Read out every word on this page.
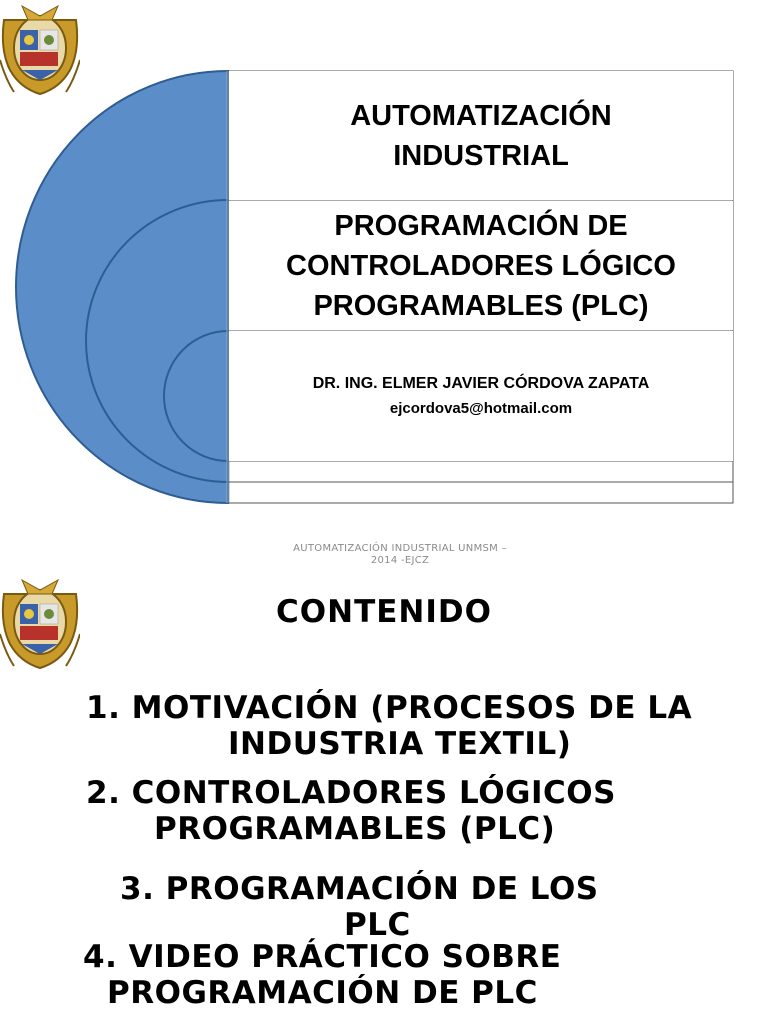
AUTOMATIZACIÓN
INDUSTRIAL
PROGRAMACIÓN DE
CONTROLADORES LÓGICO
PROGRAMABLES (PLC)
DR. ING. ELMER JAVIER CÓRDOVA ZAPATA
ejcordova5@hotmail.com
AUTOMATIZACIÓN INDUSTRIAL UNMSM –
2014 -EJCZ
CONTENIDO
1. MOTIVACIÓN (PROCESOS DE LA
INDUSTRIA TEXTIL)
2. CONTROLADORES LÓGICOS
PROGRAMABLES (PLC)
3. PROGRAMACIÓN DE LOS
PLC
4. VIDEO PRÁCTICO SOBRE
PROGRAMACIÓN DE PLC
